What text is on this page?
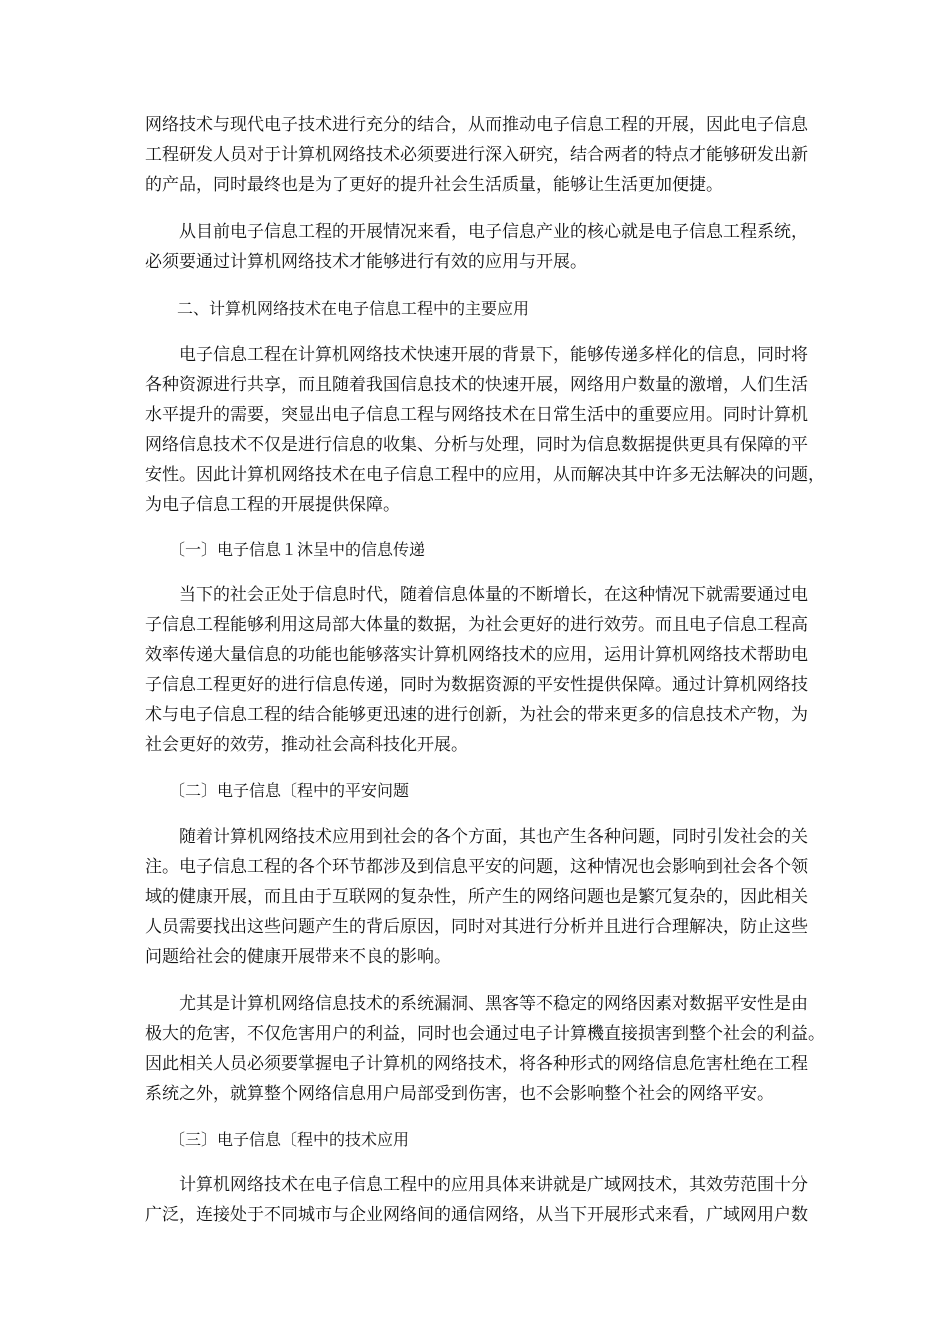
网络技术与现代电子技术进行充分的结合，从而推动电子信息工程的开展，因此电子信息
工程研发人员对于计算机网络技术必须要进行深入研究，结合两者的特点才能够研发出新
的产品，同时最终也是为了更好的提升社会生活质量，能够让生活更加便捷。
　　从目前电子信息工程的开展情况来看，电子信息产业的核心就是电子信息工程系统，
必须要通过计算机网络技术才能够进行有效的应用与开展。
　　二、计算机网络技术在电子信息工程中的主要应用
　　电子信息工程在计算机网络技术快速开展的背景下，能够传递多样化的信息，同时将
各种资源进行共享，而且随着我国信息技术的快速开展，网络用户数量的激增，人们生活
水平提升的需要，突显出电子信息工程与网络技术在日常生活中的重要应用。同时计算机
网络信息技术不仅是进行信息的收集、分析与处理，同时为信息数据提供更具有保障的平
安性。因此计算机网络技术在电子信息工程中的应用，从而解决其中许多无法解决的问题，
为电子信息工程的开展提供保障。
　　〔一〕电子信息１沐呈中的信息传递
　　当下的社会正处于信息时代，随着信息体量的不断增长，在这种情况下就需要通过电
子信息工程能够利用这局部大体量的数据，为社会更好的进行效劳。而且电子信息工程高
效率传递大量信息的功能也能够落实计算机网络技术的应用，运用计算机网络技术帮助电
子信息工程更好的进行信息传递，同时为数据资源的平安性提供保障。通过计算机网络技
术与电子信息工程的结合能够更迅速的进行创新，为社会的带来更多的信息技术产物，为
社会更好的效劳，推动社会高科技化开展。
　　〔二〕电子信息〔程中的平安问题
　　随着计算机网络技术应用到社会的各个方面，其也产生各种问题，同时引发社会的关
注。电子信息工程的各个环节都涉及到信息平安的问题，这种情况也会影响到社会各个领
域的健康开展，而且由于互联网的复杂性，所产生的网络问题也是繁冗复杂的，因此相关
人员需要找出这些问题产生的背后原因，同时对其进行分析并且进行合理解决，防止这些
问题给社会的健康开展带来不良的影响。
　　尤其是计算机网络信息技术的系统漏洞、黑客等不稳定的网络因素对数据平安性是由
极大的危害，不仅危害用户的利益，同时也会通过电子计算機直接损害到整个社会的利益。
因此相关人员必须要掌握电子计算机的网络技术，将各种形式的网络信息危害杜绝在工程
系统之外，就算整个网络信息用户局部受到伤害，也不会影响整个社会的网络平安。
　　〔三〕电子信息〔程中的技术应用
　　计算机网络技术在电子信息工程中的应用具体来讲就是广域网技术，其效劳范围十分
广泛，连接处于不同城市与企业网络间的通信网络，从当下开展形式来看，广域网用户数
